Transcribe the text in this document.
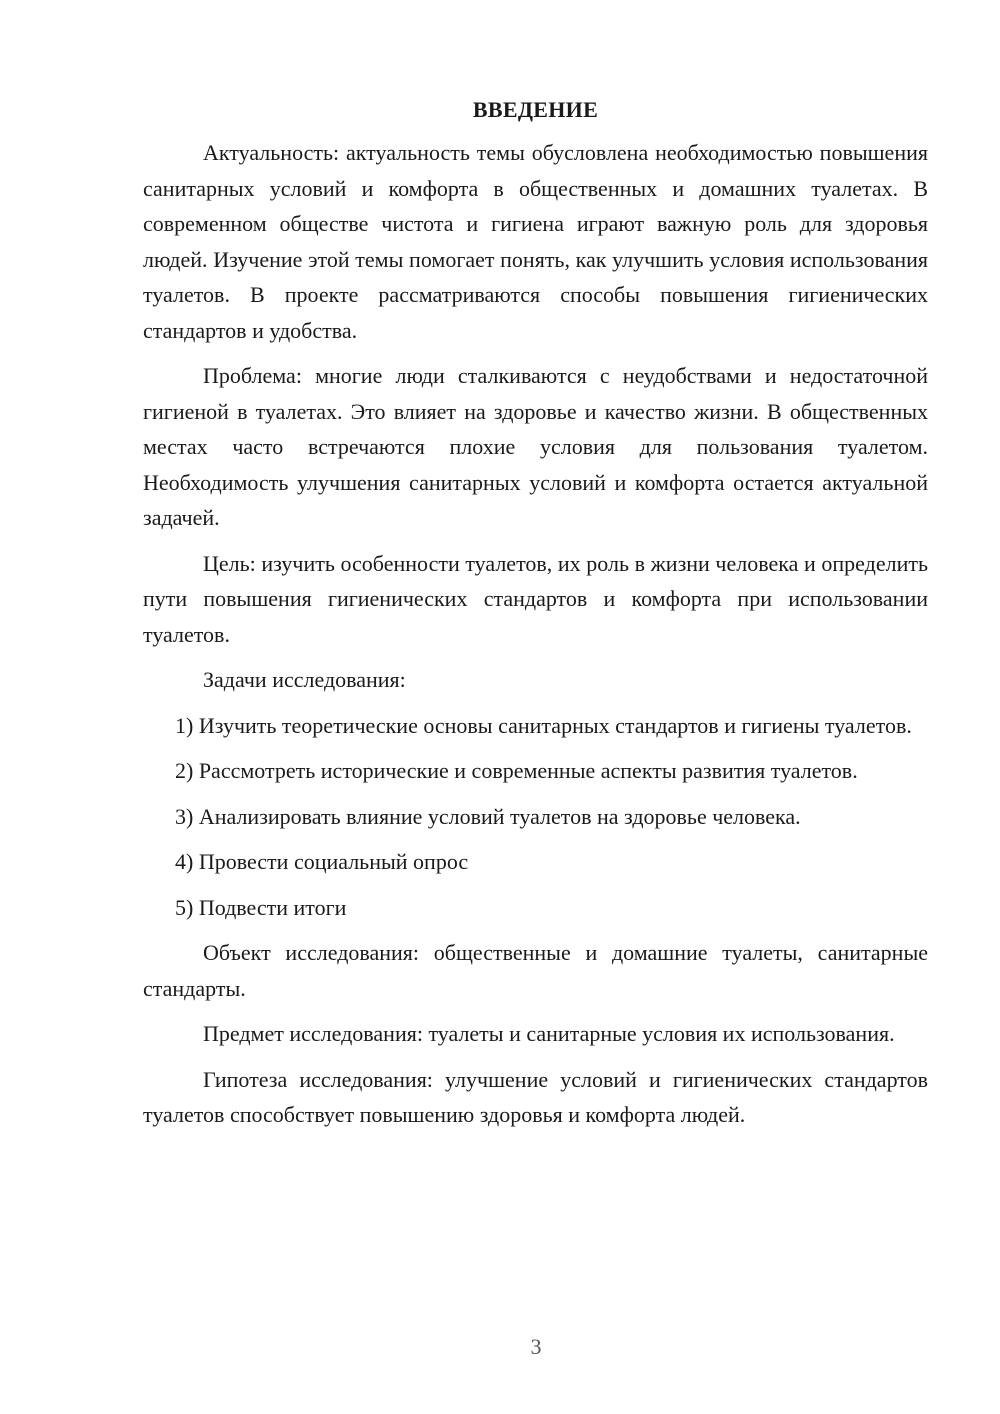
ВВЕДЕНИЕ

Актуальность: актуальность темы обусловлена необходимостью повышения санитарных условий и комфорта в общественных и домашних туалетах. В современном обществе чистота и гигиена играют важную роль для здоровья людей. Изучение этой темы помогает понять, как улучшить условия использования туалетов. В проекте рассматриваются способы повышения гигиенических стандартов и удобства.

Проблема: многие люди сталкиваются с неудобствами и недостаточной гигиеной в туалетах. Это влияет на здоровье и качество жизни. В общественных местах часто встречаются плохие условия для пользования туалетом. Необходимость улучшения санитарных условий и комфорта остается актуальной задачей.

Цель: изучить особенности туалетов, их роль в жизни человека и определить пути повышения гигиенических стандартов и комфорта при использовании туалетов.

Задачи исследования:

1) Изучить теоретические основы санитарных стандартов и гигиены туалетов.

2) Рассмотреть исторические и современные аспекты развития туалетов.

3) Анализировать влияние условий туалетов на здоровье человека.

4) Провести социальный опрос

5) Подвести итоги

Объект исследования: общественные и домашние туалеты, санитарные стандарты.

Предмет исследования: туалеты и санитарные условия их использования.

Гипотеза исследования: улучшение условий и гигиенических стандартов туалетов способствует повышению здоровья и комфорта людей.

3
